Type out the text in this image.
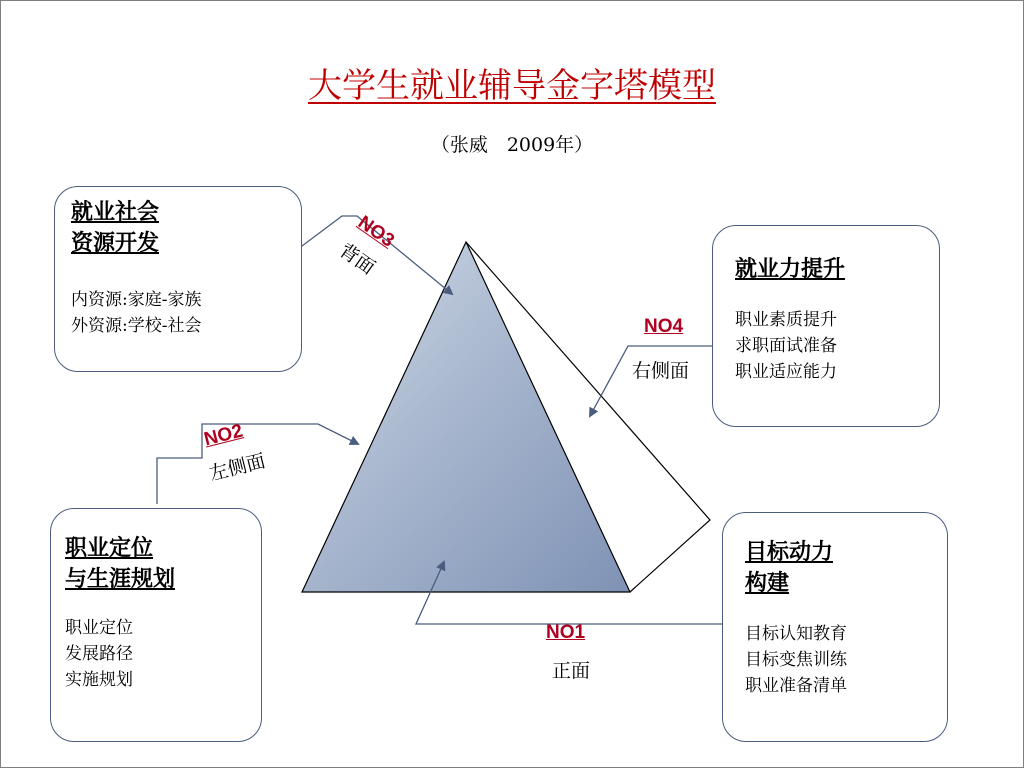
大学生就业辅导金字塔模型
（张威　2009年）
就业社会
资源开发
内资源:家庭-家族
外资源:学校-社会
就业力提升
职业素质提升
求职面试准备
职业适应能力
职业定位
与生涯规划
职业定位
发展路径
实施规划
目标动力
构建
目标认知教育
目标变焦训练
职业准备清单
NO3
背面
NO4
右侧面
NO2
左侧面
NO1
正面
